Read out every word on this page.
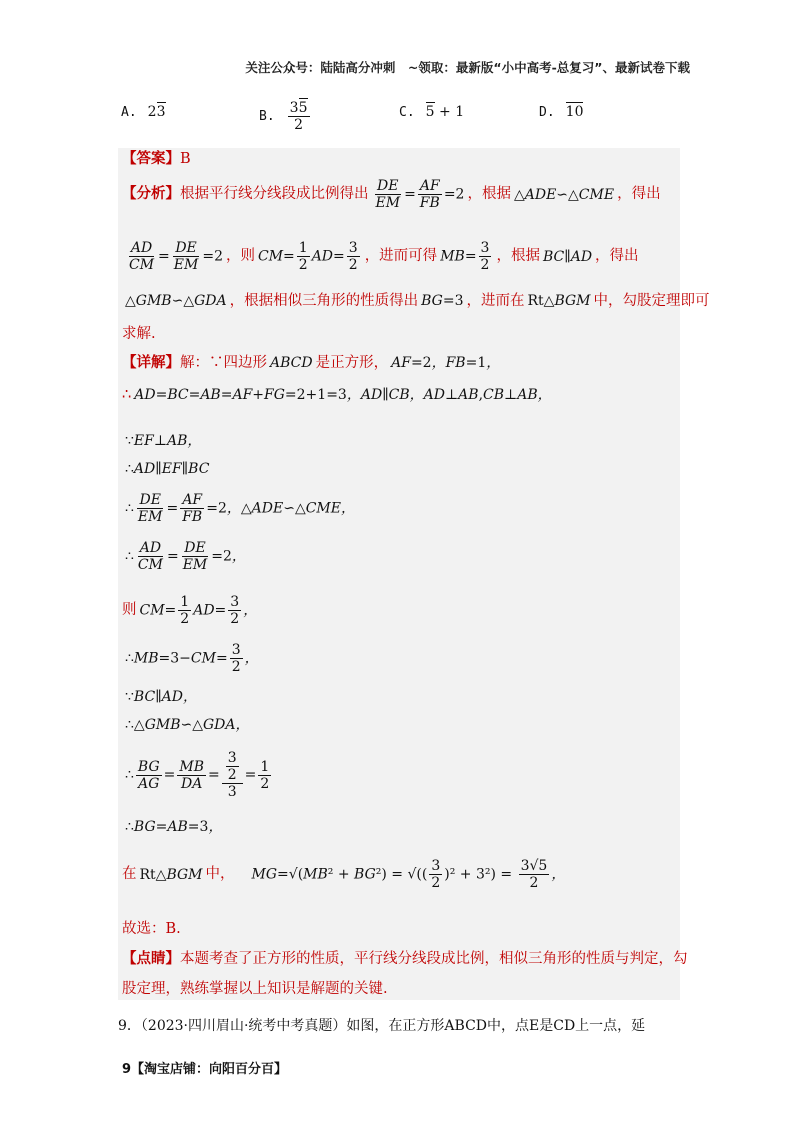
关注公众号：陆陆高分冲刺　~领取：最新版“小中高考-总复习”、最新试卷下载
A. 23	B. $\frac{35}{2}$	C. 5 + 1	D. 10
【答案】 B
【分析】 根据平行线分线段成比例得出 $\frac{DE}{EM} = \frac{AF}{FB} =2$ ，根据 △ADE∽△CME ，得出
$\frac{AD}{CM} = \frac{DE}{EM} =2$ ，则 $CM= \frac{1}{2} AD= \frac{3}{2}$ ，进而可得 $MB= \frac{3}{2}$ ，根据 BC∥AD ，得出
△GMB∽△GDA ，根据相似三角形的性质得出 BG=3 ，进而在 Rt△BGM 中，勾股定理即可
求解.
【详解】 解：∵四边形 ABCD 是正方形， AF=2，FB=1，
∴ AD=BC=AB=AF+FG=2+1=3，AD∥CB，AD⊥AB,CB⊥AB，
∵EF⊥AB，
∴AD∥EF∥BC
∴ $\frac{DE}{EM} = \frac{AF}{FB} =2$，△ADE∽△CME，
∴ $\frac{AD}{CM} = \frac{DE}{EM} =2$，
则 $CM= \frac{1}{2} AD= \frac{3}{2}$ ，
∴MB=3−CM= $\frac{3}{2}$ ，
∵BC∥AD，
∴△GMB∽△GDA，
∴ $\frac{BG}{AG} = \frac{MB}{DA} = \frac{\frac{3}{2}}{3} = \frac{1}{2}$
∴BG=AB=3，
在 Rt△BGM 中， MG=√(MB² + BG²) = √(( $\frac{3}{2} )^2 + 3^2) = \frac{3√5}{2}$ ，
故选：B.
【点睛】 本题考查了正方形的性质，平行线分线段成比例，相似三角形的性质与判定，勾
股定理，熟练掌握以上知识是解题的关键.
9．（2023·四川眉山·统考中考真题）如图，在正方形ABCD中，点E是CD上一点，延
9【淘宝店铺：向阳百分百】
